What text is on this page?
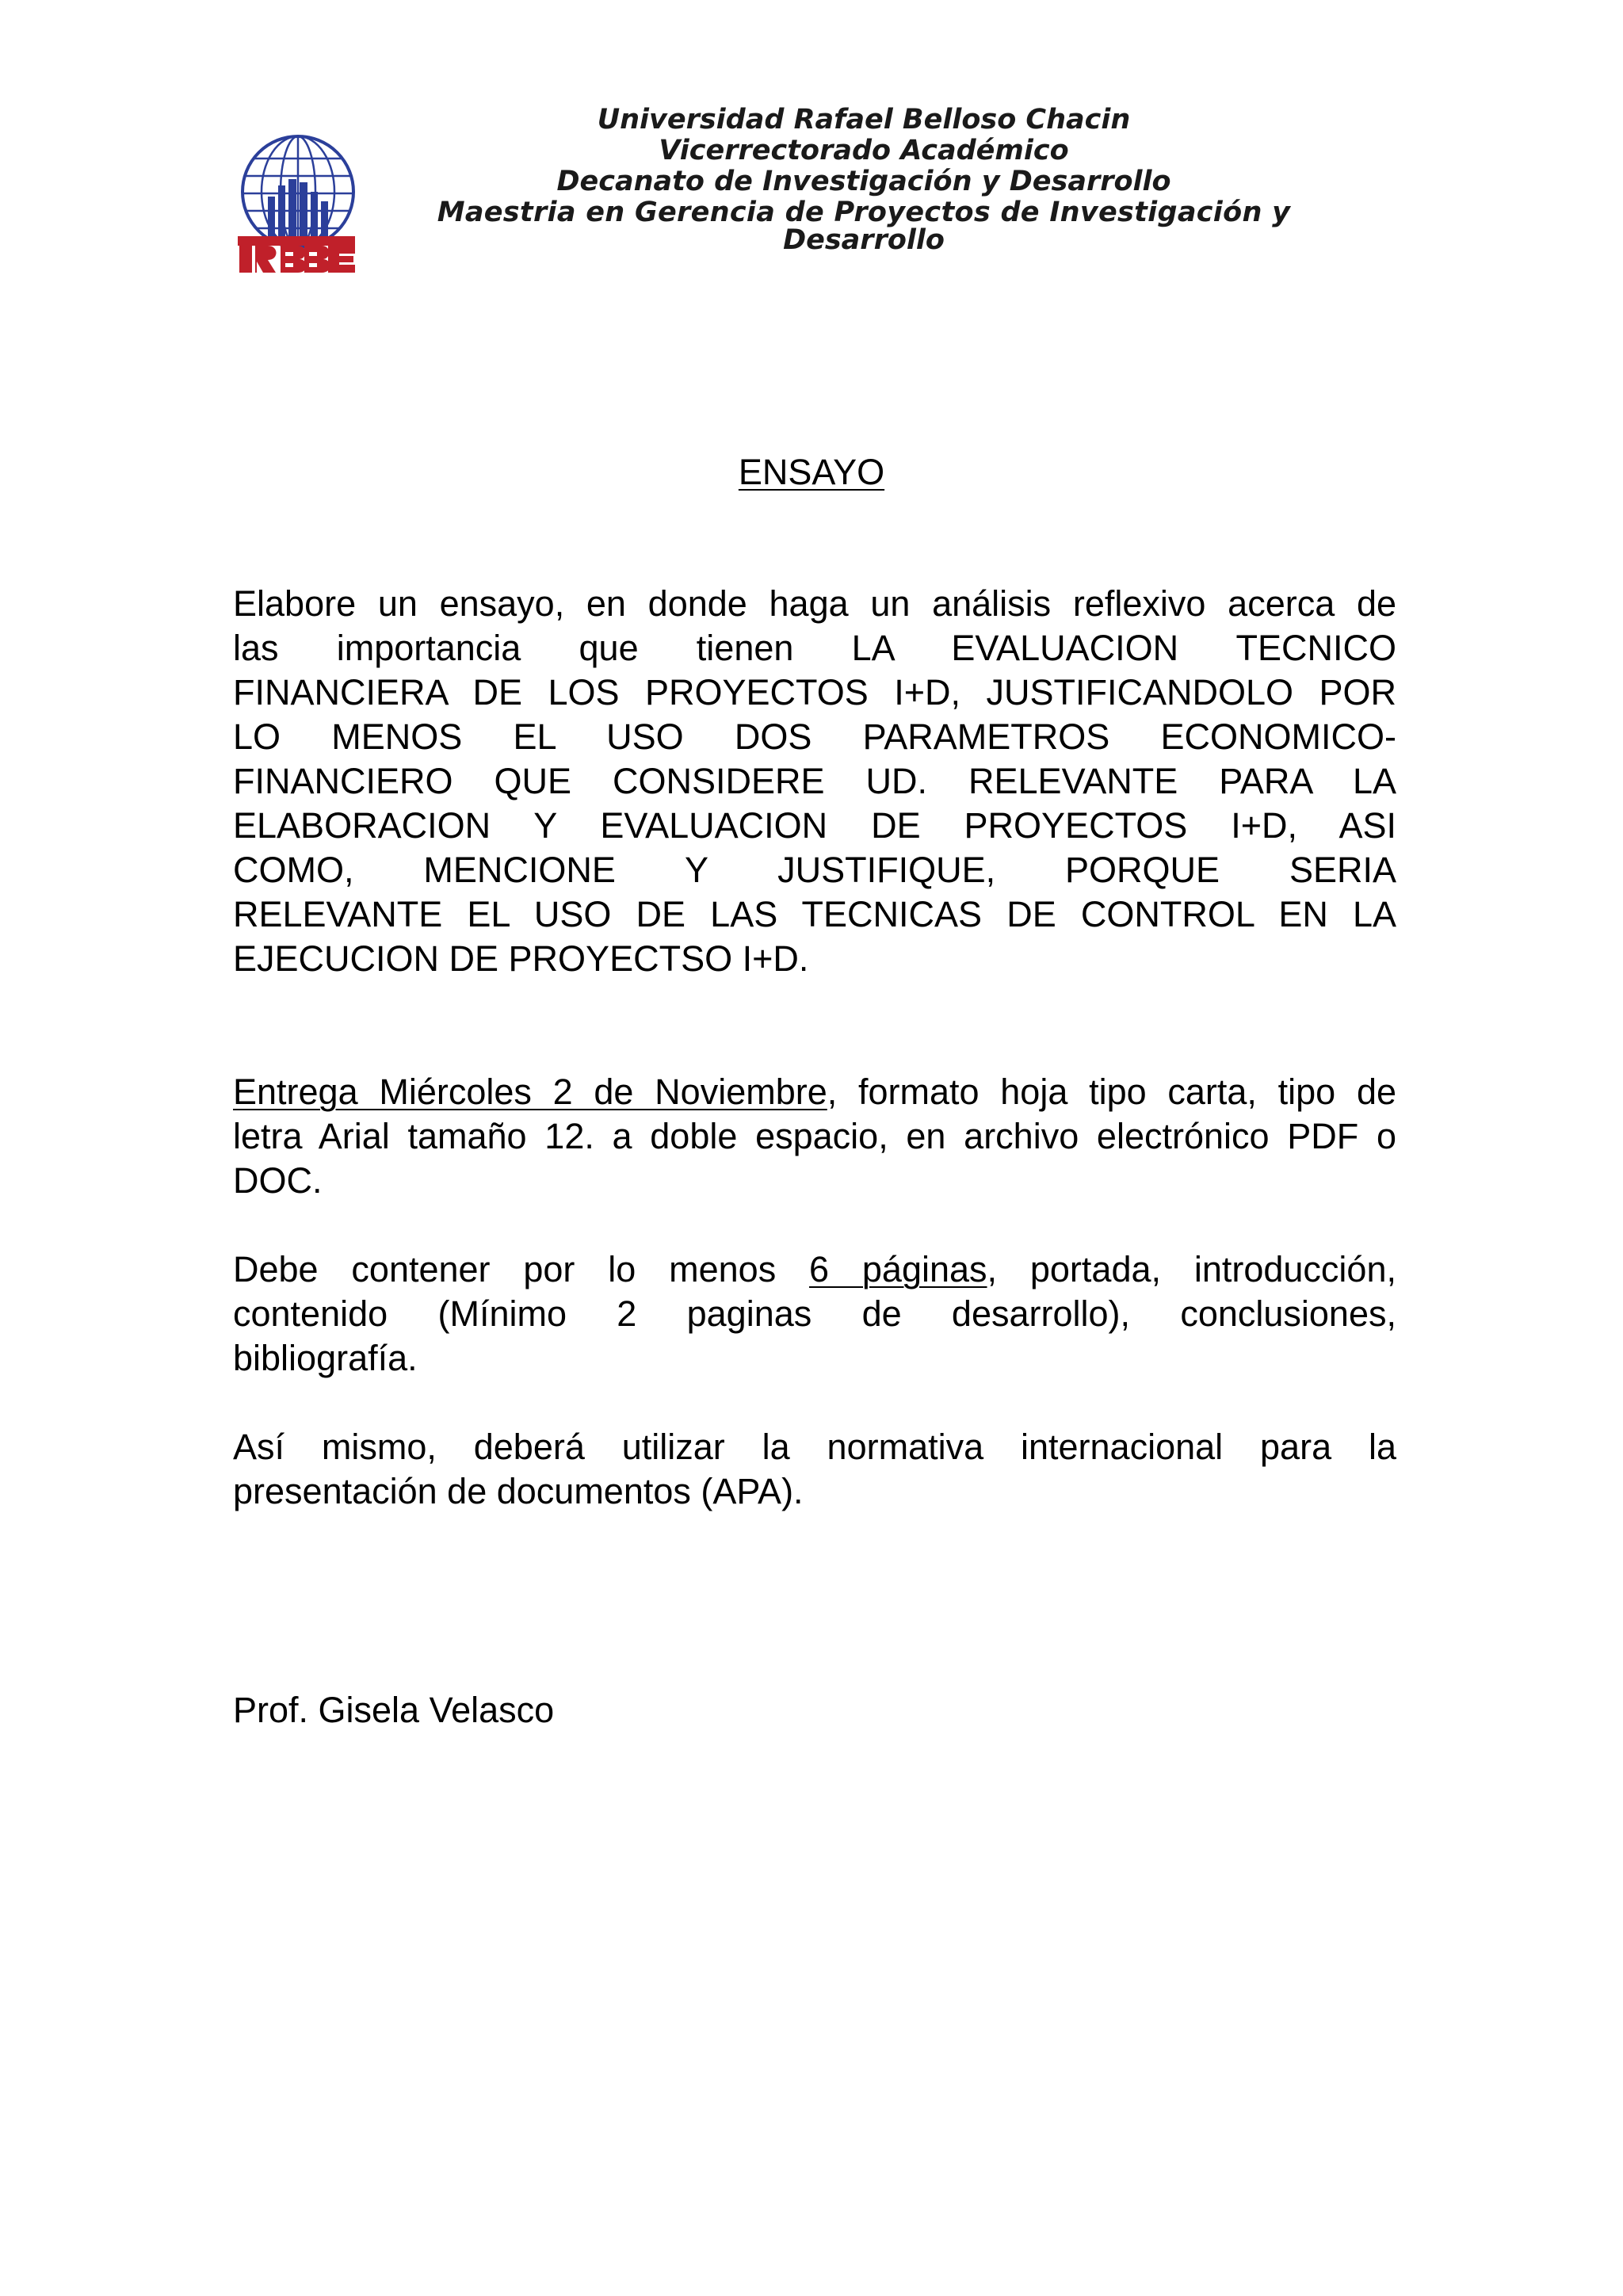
Universidad Rafael Belloso Chacin
Vicerrectorado Académico
Decanato de Investigación y Desarrollo
Maestria en Gerencia de Proyectos de Investigación y
Desarrollo
ENSAYO
Elabore un ensayo, en donde haga un análisis reflexivo acerca de
las importancia que tienen LA EVALUACION TECNICO
FINANCIERA DE LOS PROYECTOS I+D, JUSTIFICANDOLO POR
LO MENOS EL USO DOS PARAMETROS ECONOMICO-
FINANCIERO QUE CONSIDERE UD. RELEVANTE PARA LA
ELABORACION Y EVALUACION DE PROYECTOS I+D, ASI
COMO, MENCIONE Y JUSTIFIQUE, PORQUE SERIA
RELEVANTE EL USO DE LAS TECNICAS DE CONTROL EN LA
EJECUCION DE PROYECTSO I+D.
Entrega Miércoles 2 de Noviembre, formato hoja tipo carta, tipo de
letra Arial tamaño 12. a doble espacio, en archivo electrónico PDF o
DOC.
Debe contener por lo menos 6 páginas, portada, introducción,
contenido (Mínimo 2 paginas de desarrollo), conclusiones,
bibliografía.
Así mismo, deberá utilizar la normativa internacional para la
presentación de documentos (APA).
Prof. Gisela Velasco
